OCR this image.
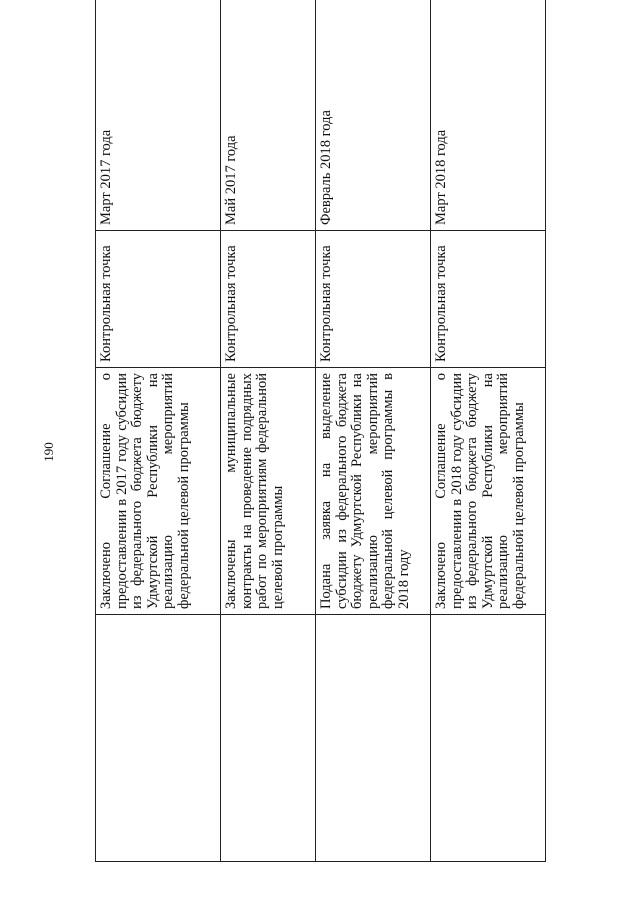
190
		Заключено Соглашение о предоставлении в 2017 году субсидии из федерального бюджета бюджету Удмуртской Республики на реализацию мероприятий федеральной целевой программы	Контрольная точка	Март 2017 года
	Заключены муниципальные контракты на проведение подрядных работ по мероприятиям федеральной целевой программы	Контрольная точка	Май 2017 года
	Подана заявка на выделение субсидии из федерального бюджета бюджету Удмуртской Республики на реализацию мероприятий федеральной целевой программы в 2018 году	Контрольная точка	Февраль 2018 года
	Заключено Соглашение о предоставлении в 2018 году субсидии из федерального бюджета бюджету Удмуртской Республики на реализацию мероприятий федеральной целевой программы	Контрольная точка	Март 2018 года
